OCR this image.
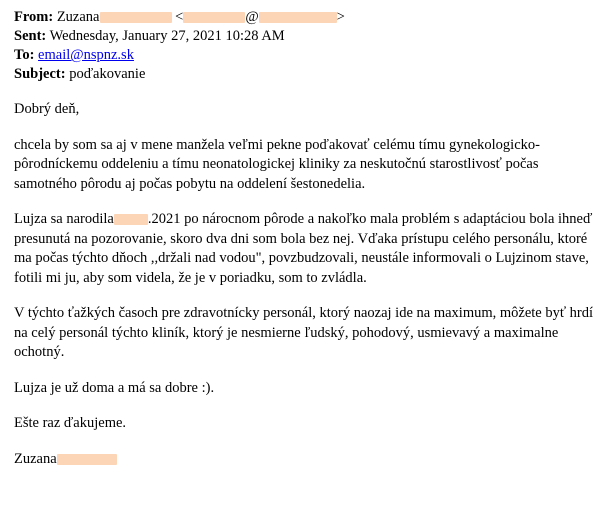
From: Zuzana	<	@	>
Sent: Wednesday, January 27, 2021 10:28 AM
To: email@nspnz.sk
Subject: poďakovanie

Dobrý deň,

chcela by som sa aj v mene manžela veľmi pekne poďakovať celému tímu gynekologicko-pôrodníckemu oddeleniu a tímu neonatologickej kliniky za neskutočnú starostlivosť počas samotného pôrodu aj počas pobytu na oddelení šestonedelia.

Lujza sa narodila .2021 po nárocnom pôrode a nakoľko mala problém s adaptáciou bola ihneď presunutá na pozorovanie, skoro dva dni som bola bez nej. Vďaka prístupu celého personálu, ktoré ma počas týchto dňoch ,,držali nad vodou", povzbudzovali, neustále informovali o Lujzinom stave, fotili mi ju, aby som videla, že je v poriadku, som to zvládla.

V týchto ťažkých časoch pre zdravotnícky personál, ktorý naozaj ide na maximum, môžete byť hrdí na celý personál týchto kliník, ktorý je nesmierne ľudský, pohodový, usmievavý a maximalne ochotný.

Lujza je už doma a má sa dobre :).

Ešte raz ďakujeme.

Zuzana
